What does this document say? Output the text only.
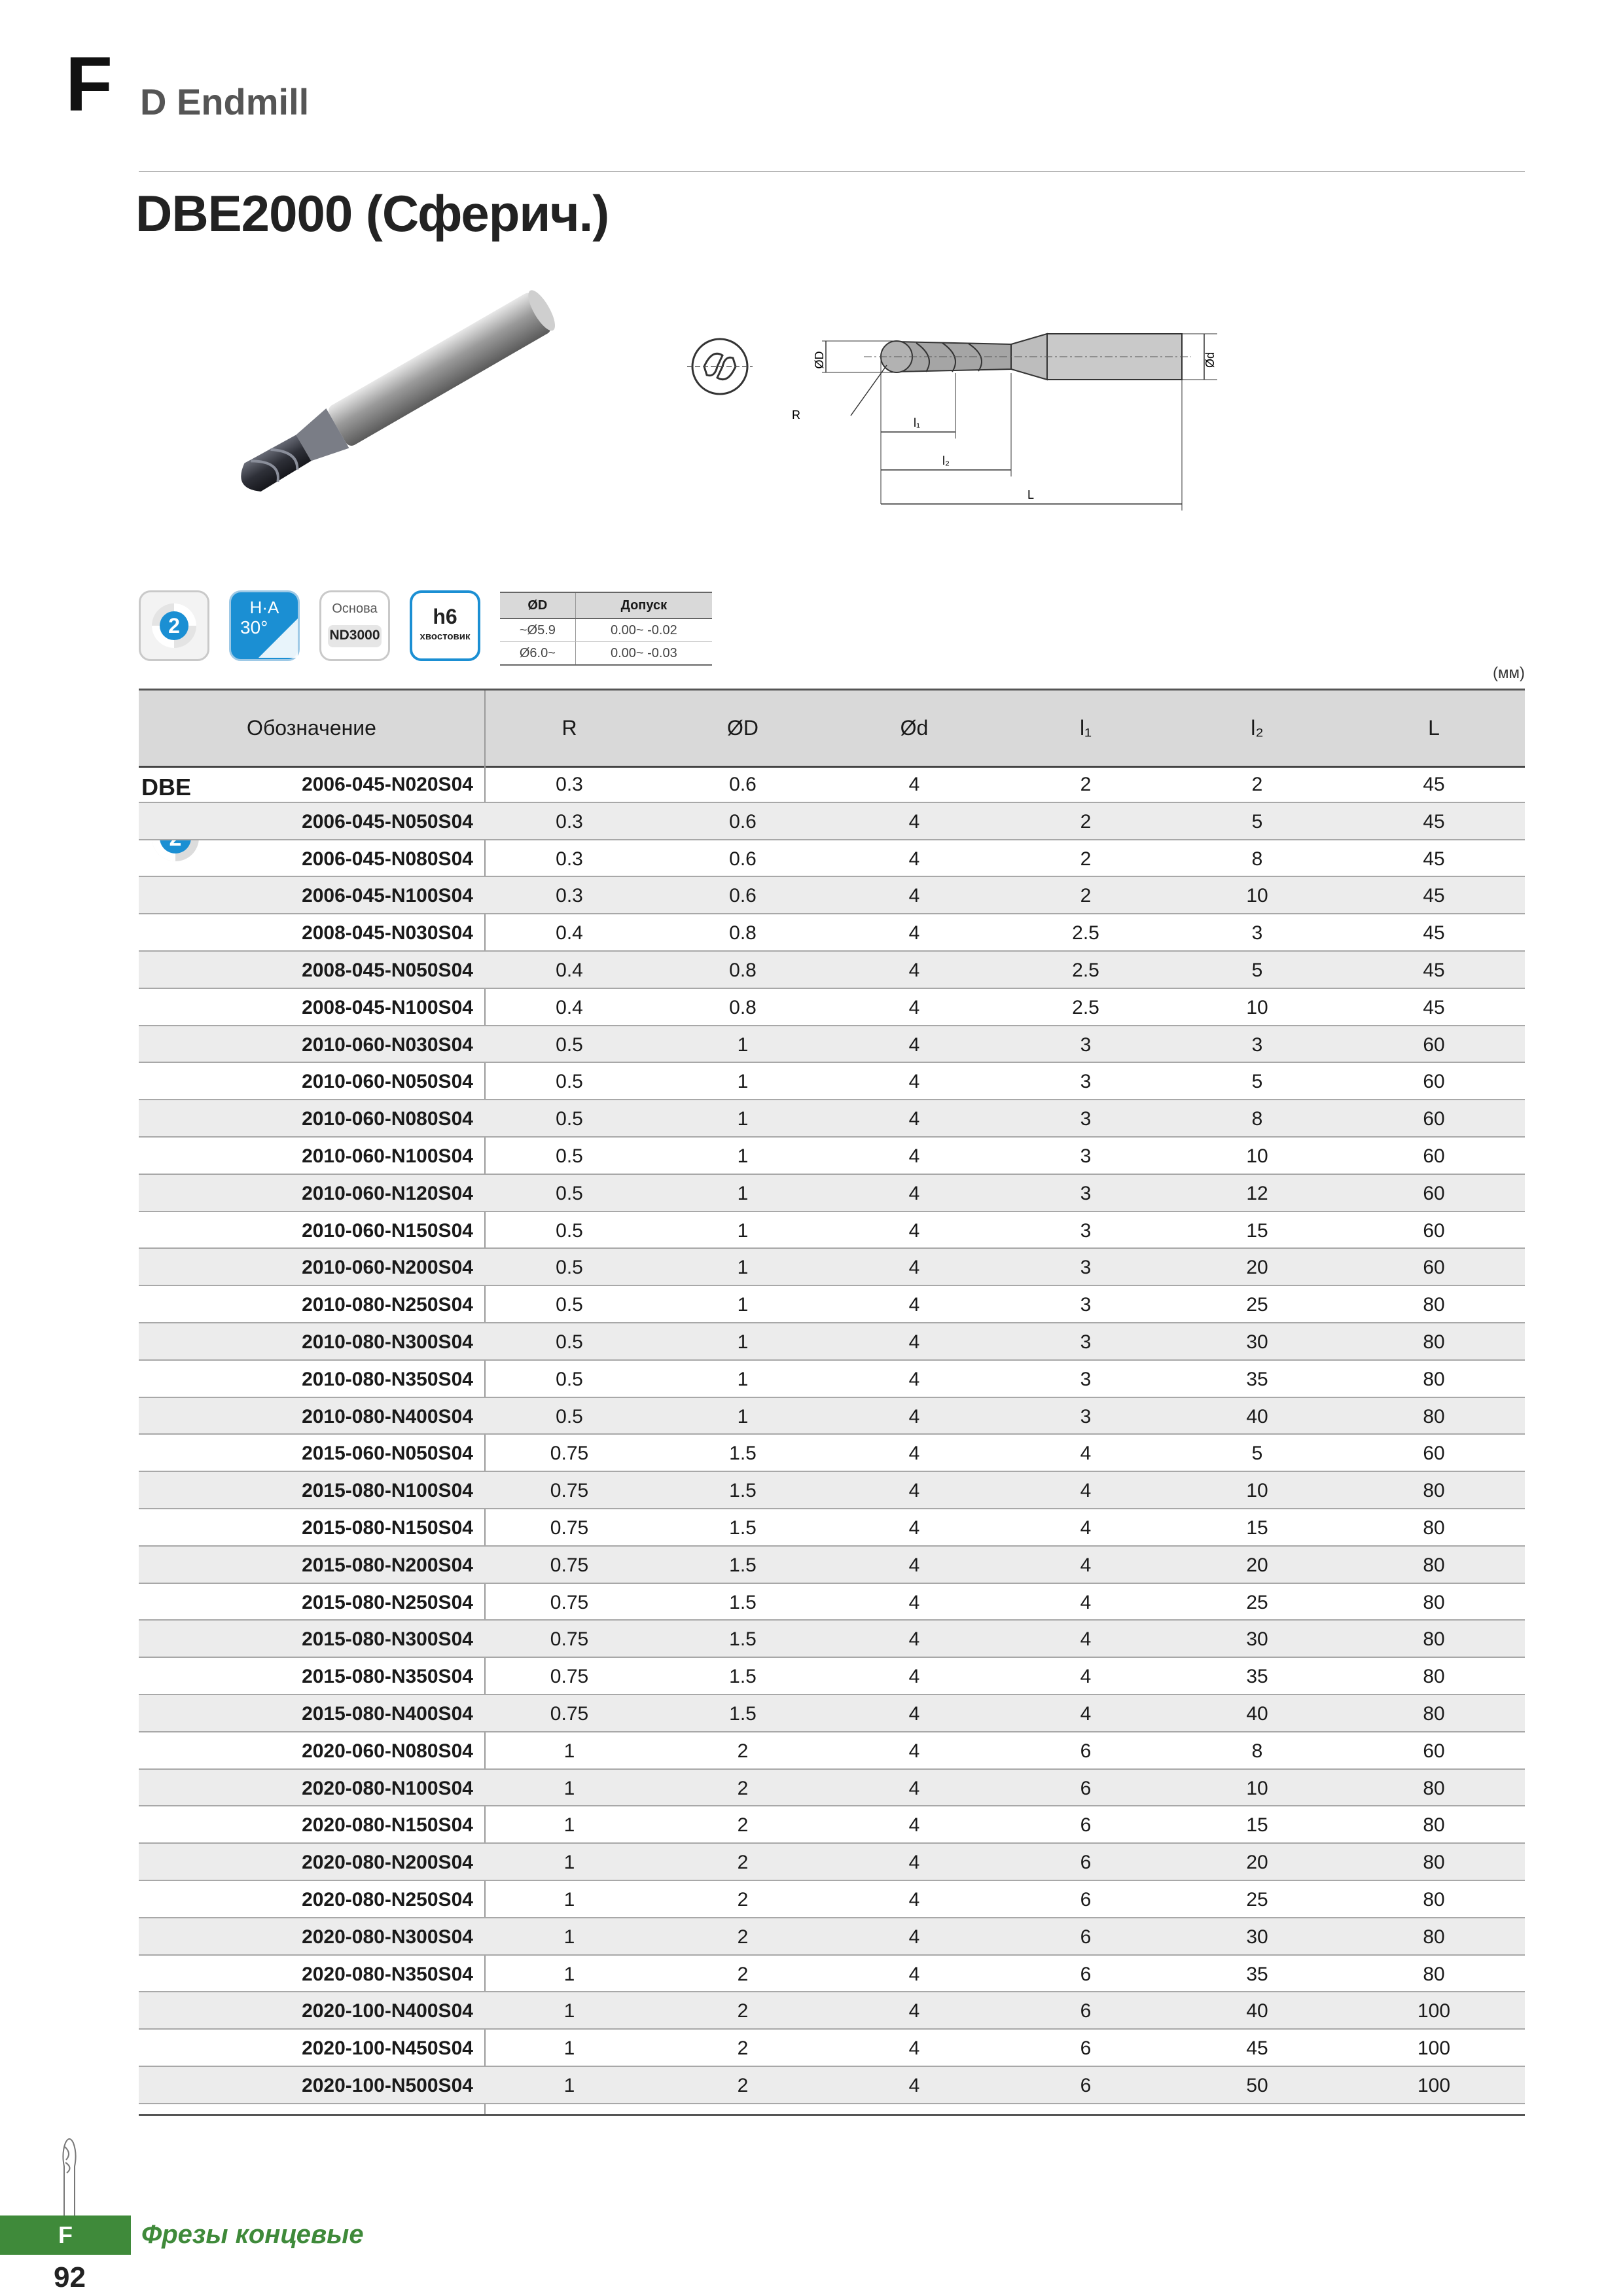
F D Endmill
DBE2000 (Сферич.)
ØD	Ød
R
l₁
l₂
L
2
H·A
30°
Основа
ND3000
h6
хвостовик
ØD	Допуск
~Ø5.9	0.00~ -0.02
Ø6.0~	0.00~ -0.03
(мм)
Обозначение	R	ØD	Ød	l₁	l₂	L
DBE	2006-045-N020S04	0.3	0.6	4	2	2	45
2006-045-N050S04	0.3	0.6	4	2	5	45
2006-045-N080S04	0.3	0.6	4	2	8	45
2006-045-N100S04	0.3	0.6	4	2	10	45
2008-045-N030S04	0.4	0.8	4	2.5	3	45
2008-045-N050S04	0.4	0.8	4	2.5	5	45
2008-045-N100S04	0.4	0.8	4	2.5	10	45
2010-060-N030S04	0.5	1	4	3	3	60
2010-060-N050S04	0.5	1	4	3	5	60
2010-060-N080S04	0.5	1	4	3	8	60
2010-060-N100S04	0.5	1	4	3	10	60
2010-060-N120S04	0.5	1	4	3	12	60
2010-060-N150S04	0.5	1	4	3	15	60
2010-060-N200S04	0.5	1	4	3	20	60
2010-080-N250S04	0.5	1	4	3	25	80
2010-080-N300S04	0.5	1	4	3	30	80
2010-080-N350S04	0.5	1	4	3	35	80
2010-080-N400S04	0.5	1	4	3	40	80
2015-060-N050S04	0.75	1.5	4	4	5	60
2015-080-N100S04	0.75	1.5	4	4	10	80
2015-080-N150S04	0.75	1.5	4	4	15	80
2015-080-N200S04	0.75	1.5	4	4	20	80
2015-080-N250S04	0.75	1.5	4	4	25	80
2015-080-N300S04	0.75	1.5	4	4	30	80
2015-080-N350S04	0.75	1.5	4	4	35	80
2015-080-N400S04	0.75	1.5	4	4	40	80
2020-060-N080S04	1	2	4	6	8	60
2020-080-N100S04	1	2	4	6	10	80
2020-080-N150S04	1	2	4	6	15	80
2020-080-N200S04	1	2	4	6	20	80
2020-080-N250S04	1	2	4	6	25	80
2020-080-N300S04	1	2	4	6	30	80
2020-080-N350S04	1	2	4	6	35	80
2020-100-N400S04	1	2	4	6	40	100
2020-100-N450S04	1	2	4	6	45	100
2020-100-N500S04	1	2	4	6	50	100
F	Фрезы концевые
92
